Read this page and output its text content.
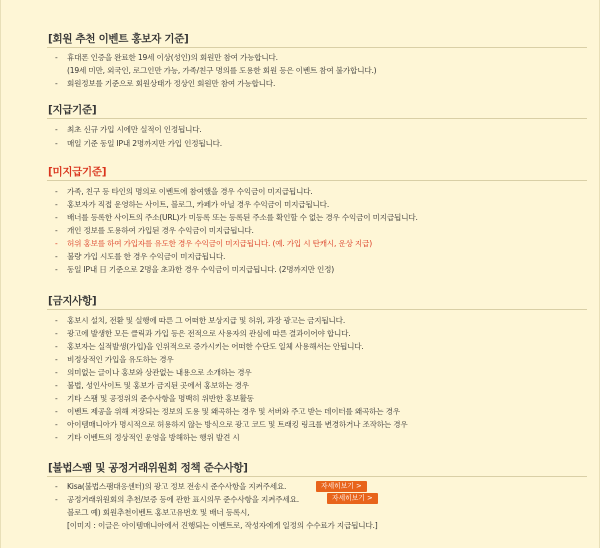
[회원 추천 이벤트 홍보자 기준]
- 휴대폰 인증을 완료한 19세 이상(성인)의 회원만 참여 가능합니다.
(19세 미만, 외국인, 로그인만 가능, 가족/친구 명의를 도용한 회원 등은 이벤트 참여 불가합니다.)
- 회원정보를 기준으로 회원상태가 정상인 회원만 참여 가능합니다.
[지급기준]
- 최초 신규 가입 시에만 실적이 인정됩니다.
- 매일 기준 동일 IP내 2명까지만 가입 인정됩니다.
[미지급기준]
- 가족, 친구 등 타인의 명의로 이벤트에 참여했을 경우 수익금이 미지급됩니다.
- 홍보자가 직접 운영하는 사이트, 블로그, 카페가 아닐 경우 수익금이 미지급됩니다.
- 배너를 등록한 사이트의 주소(URL)가 미등록 또는 등록된 주소를 확인할 수 없는 경우 수익금이 미지급됩니다.
- 개인 정보를 도용하여 가입된 경우 수익금이 미지급됩니다.
- 허위 홍보를 하여 가입자를 유도한 경우 수익금이 미지급됩니다. (예. 가입 시 탄캐시, 운상 지급)
- 불량 가입 시도를 한 경우 수익금이 미지급됩니다.
- 동일 IP내 日 기준으로 2명을 초과한 경우 수익금이 미지급됩니다. (2명까지만 인정)
[금지사항]
- 홍보시 설치, 전환 및 실행에 따른 그 어떠한 보상지급 및 허위, 과장 광고는 금지됩니다.
- 광고에 발생한 모든 클릭과 가입 등은 전적으로 사용자의 관심에 따른 결과이어야 합니다.
- 홍보자는 실적발생(가입)을 인위적으로 증가시키는 어떠한 수단도 일체 사용해서는 안됩니다.
- 비정상적인 가입을 유도하는 경우
- 의미없는 글이나 홍보와 상관없는 내용으로 소개하는 경우
- 불법, 성인사이트 및 홍보가 금지된 곳에서 홍보하는 경우
- 기타 스팸 및 공정위의 준수사항을 명백히 위반한 홍보활동
- 이벤트 제공을 위해 저장되는 정보의 도용 및 왜곡하는 경우 및 서버와 주고 받는 데이터를 왜곡하는 경우
- 아이템매니아가 명시적으로 허용하지 않는 방식으로 광고 코드 및 트래킹 링크를 변경하거나 조작하는 경우
- 기타 이벤트의 정상적인 운영을 방해하는 행위 발견 시
[불법스팸 및 공정거래위원회 정책 준수사항]
- Kisa(불법스팸대응센터)의 광고 정보 전송시 준수사항을 지켜주세요.	자세히보기 >
- 공정거래위원회의 추천/보증 등에 관한 표시의무 준수사항을 지켜주세요.	자세히보기 >
블로그 예) 회원추천이벤트 홍보고유번호 및 배너 등록시,
[이미지 : 이글은 아이템매니아에서 진행되는 이벤트로, 작성자에게 일정의 수수료가 지급됩니다.]
